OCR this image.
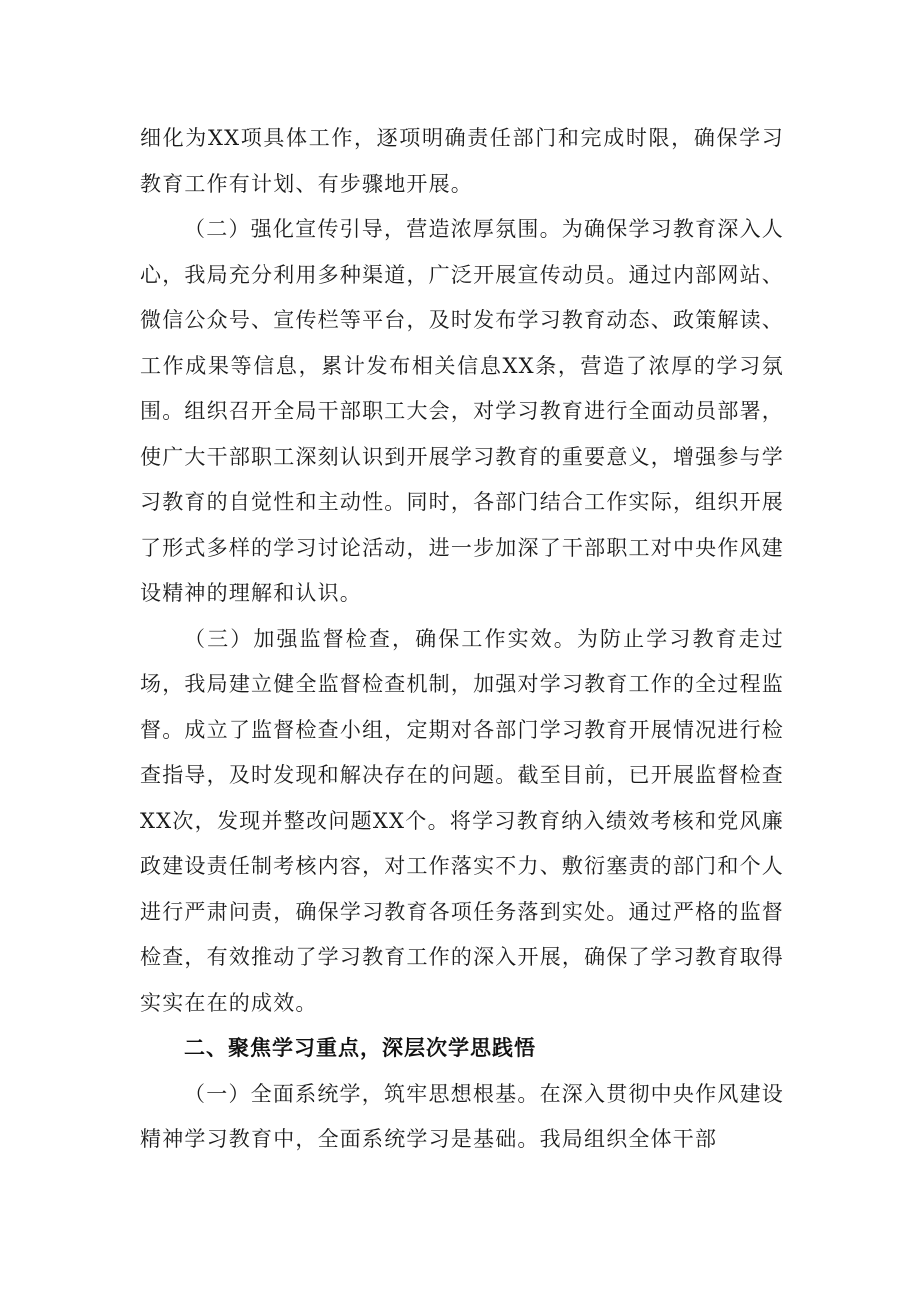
细化为XX项具体工作，逐项明确责任部门和完成时限，确保学习教育工作有计划、有步骤地开展。

（二）强化宣传引导，营造浓厚氛围。为确保学习教育深入人心，我局充分利用多种渠道，广泛开展宣传动员。通过内部网站、微信公众号、宣传栏等平台，及时发布学习教育动态、政策解读、工作成果等信息，累计发布相关信息XX条，营造了浓厚的学习氛围。组织召开全局干部职工大会，对学习教育进行全面动员部署，使广大干部职工深刻认识到开展学习教育的重要意义，增强参与学习教育的自觉性和主动性。同时，各部门结合工作实际，组织开展了形式多样的学习讨论活动，进一步加深了干部职工对中央作风建设精神的理解和认识。

（三）加强监督检查，确保工作实效。为防止学习教育走过场，我局建立健全监督检查机制，加强对学习教育工作的全过程监督。成立了监督检查小组，定期对各部门学习教育开展情况进行检查指导，及时发现和解决存在的问题。截至目前，已开展监督检查XX次，发现并整改问题XX个。将学习教育纳入绩效考核和党风廉政建设责任制考核内容，对工作落实不力、敷衍塞责的部门和个人进行严肃问责，确保学习教育各项任务落到实处。通过严格的监督检查，有效推动了学习教育工作的深入开展，确保了学习教育取得实实在在的成效。

二、聚焦学习重点，深层次学思践悟

（一）全面系统学，筑牢思想根基。在深入贯彻中央作风建设精神学习教育中，全面系统学习是基础。我局组织全体干部
